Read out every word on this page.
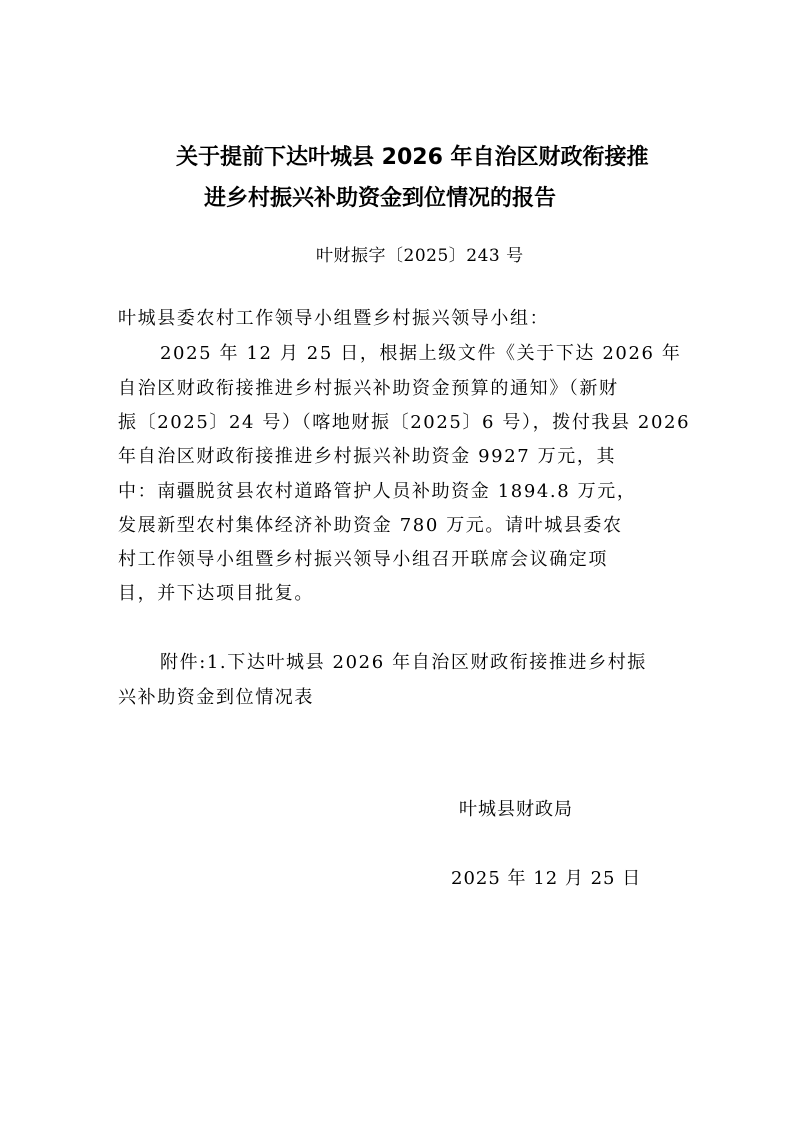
关于提前下达叶城县 2026 年自治区财政衔接推
进乡村振兴补助资金到位情况的报告
叶财振字〔2025〕243 号
叶城县委农村工作领导小组暨乡村振兴领导小组：
2025 年 12 月 25 日，根据上级文件《关于下达 2026 年
自治区财政衔接推进乡村振兴补助资金预算的通知》（新财
振〔2025〕24 号）（喀地财振〔2025〕6 号），拨付我县 2026
年自治区财政衔接推进乡村振兴补助资金 9927 万元，其
中：南疆脱贫县农村道路管护人员补助资金 1894.8 万元，
发展新型农村集体经济补助资金 780 万元。请叶城县委农
村工作领导小组暨乡村振兴领导小组召开联席会议确定项
目，并下达项目批复。
附件:1.下达叶城县 2026 年自治区财政衔接推进乡村振
兴补助资金到位情况表
叶城县财政局
2025 年 12 月 25 日
